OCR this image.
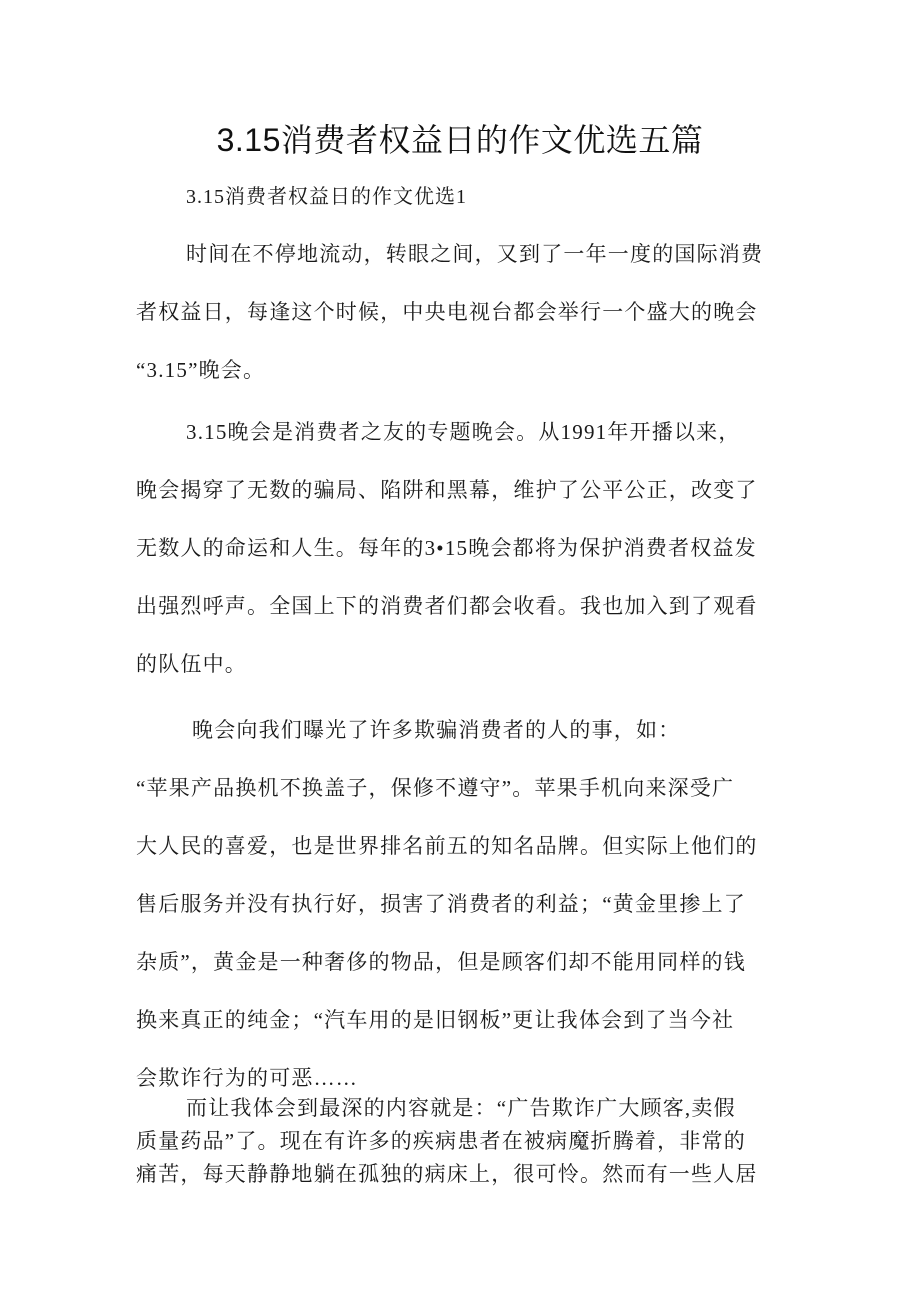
3.15消费者权益日的作文优选五篇
3.15消费者权益日的作文优选1
时间在不停地流动，转眼之间，又到了一年一度的国际消费
者权益日，每逢这个时候，中央电视台都会举行一个盛大的晚会
“3.15”晚会。
3.15晚会是消费者之友的专题晚会。从1991年开播以来，
晚会揭穿了无数的骗局、陷阱和黑幕，维护了公平公正，改变了
无数人的命运和人生。每年的3•15晚会都将为保护消费者权益发
出强烈呼声。全国上下的消费者们都会收看。我也加入到了观看
的队伍中。
晚会向我们曝光了许多欺骗消费者的人的事，如：
“苹果产品换机不换盖子，保修不遵守”。苹果手机向来深受广
大人民的喜爱，也是世界排名前五的知名品牌。但实际上他们的
售后服务并没有执行好，损害了消费者的利益；“黄金里掺上了
杂质”，黄金是一种奢侈的物品，但是顾客们却不能用同样的钱
换来真正的纯金；“汽车用的是旧钢板”更让我体会到了当今社
会欺诈行为的可恶……
而让我体会到最深的内容就是：“广告欺诈广大顾客,卖假
质量药品”了。现在有许多的疾病患者在被病魔折腾着，非常的
痛苦，每天静静地躺在孤独的病床上，很可怜。然而有一些人居
